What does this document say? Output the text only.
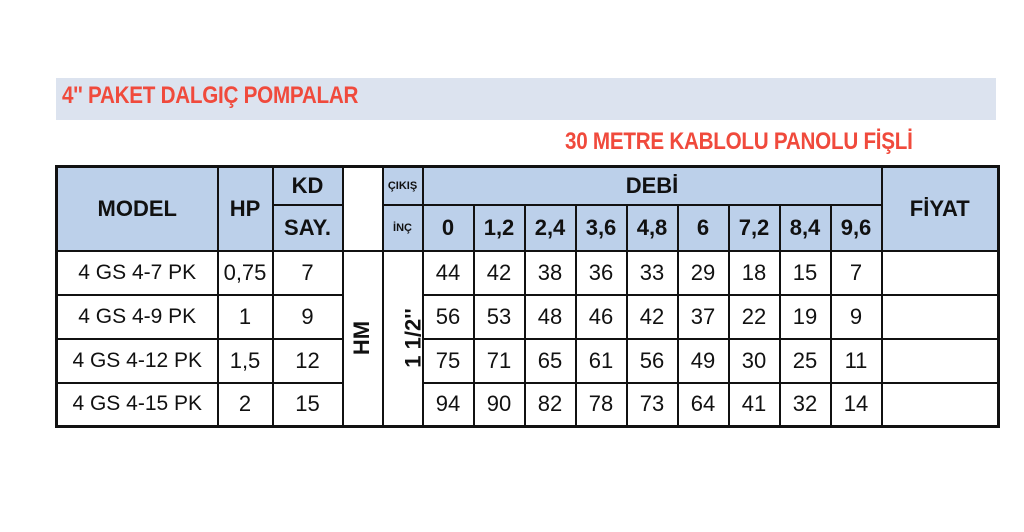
4'' PAKET DALGIÇ POMPALAR
30 METRE KABLOLU PANOLU FİŞLİ
MODEL	HP	KD		ÇIKIŞ	DEBİ									FİYAT
		SAY.		İNÇ	0	1,2	2,4	3,6	4,8	6	7,2	8,4	9,6	
4 GS 4-7 PK	0,75	7	HM	1 1/2''	44	42	38	36	33	29	18	15	7	
4 GS 4-9 PK	1	9			56	53	48	46	42	37	22	19	9	
4 GS 4-12 PK	1,5	12			75	71	65	61	56	49	30	25	11	
4 GS 4-15 PK	2	15			94	90	82	78	73	64	41	32	14	
